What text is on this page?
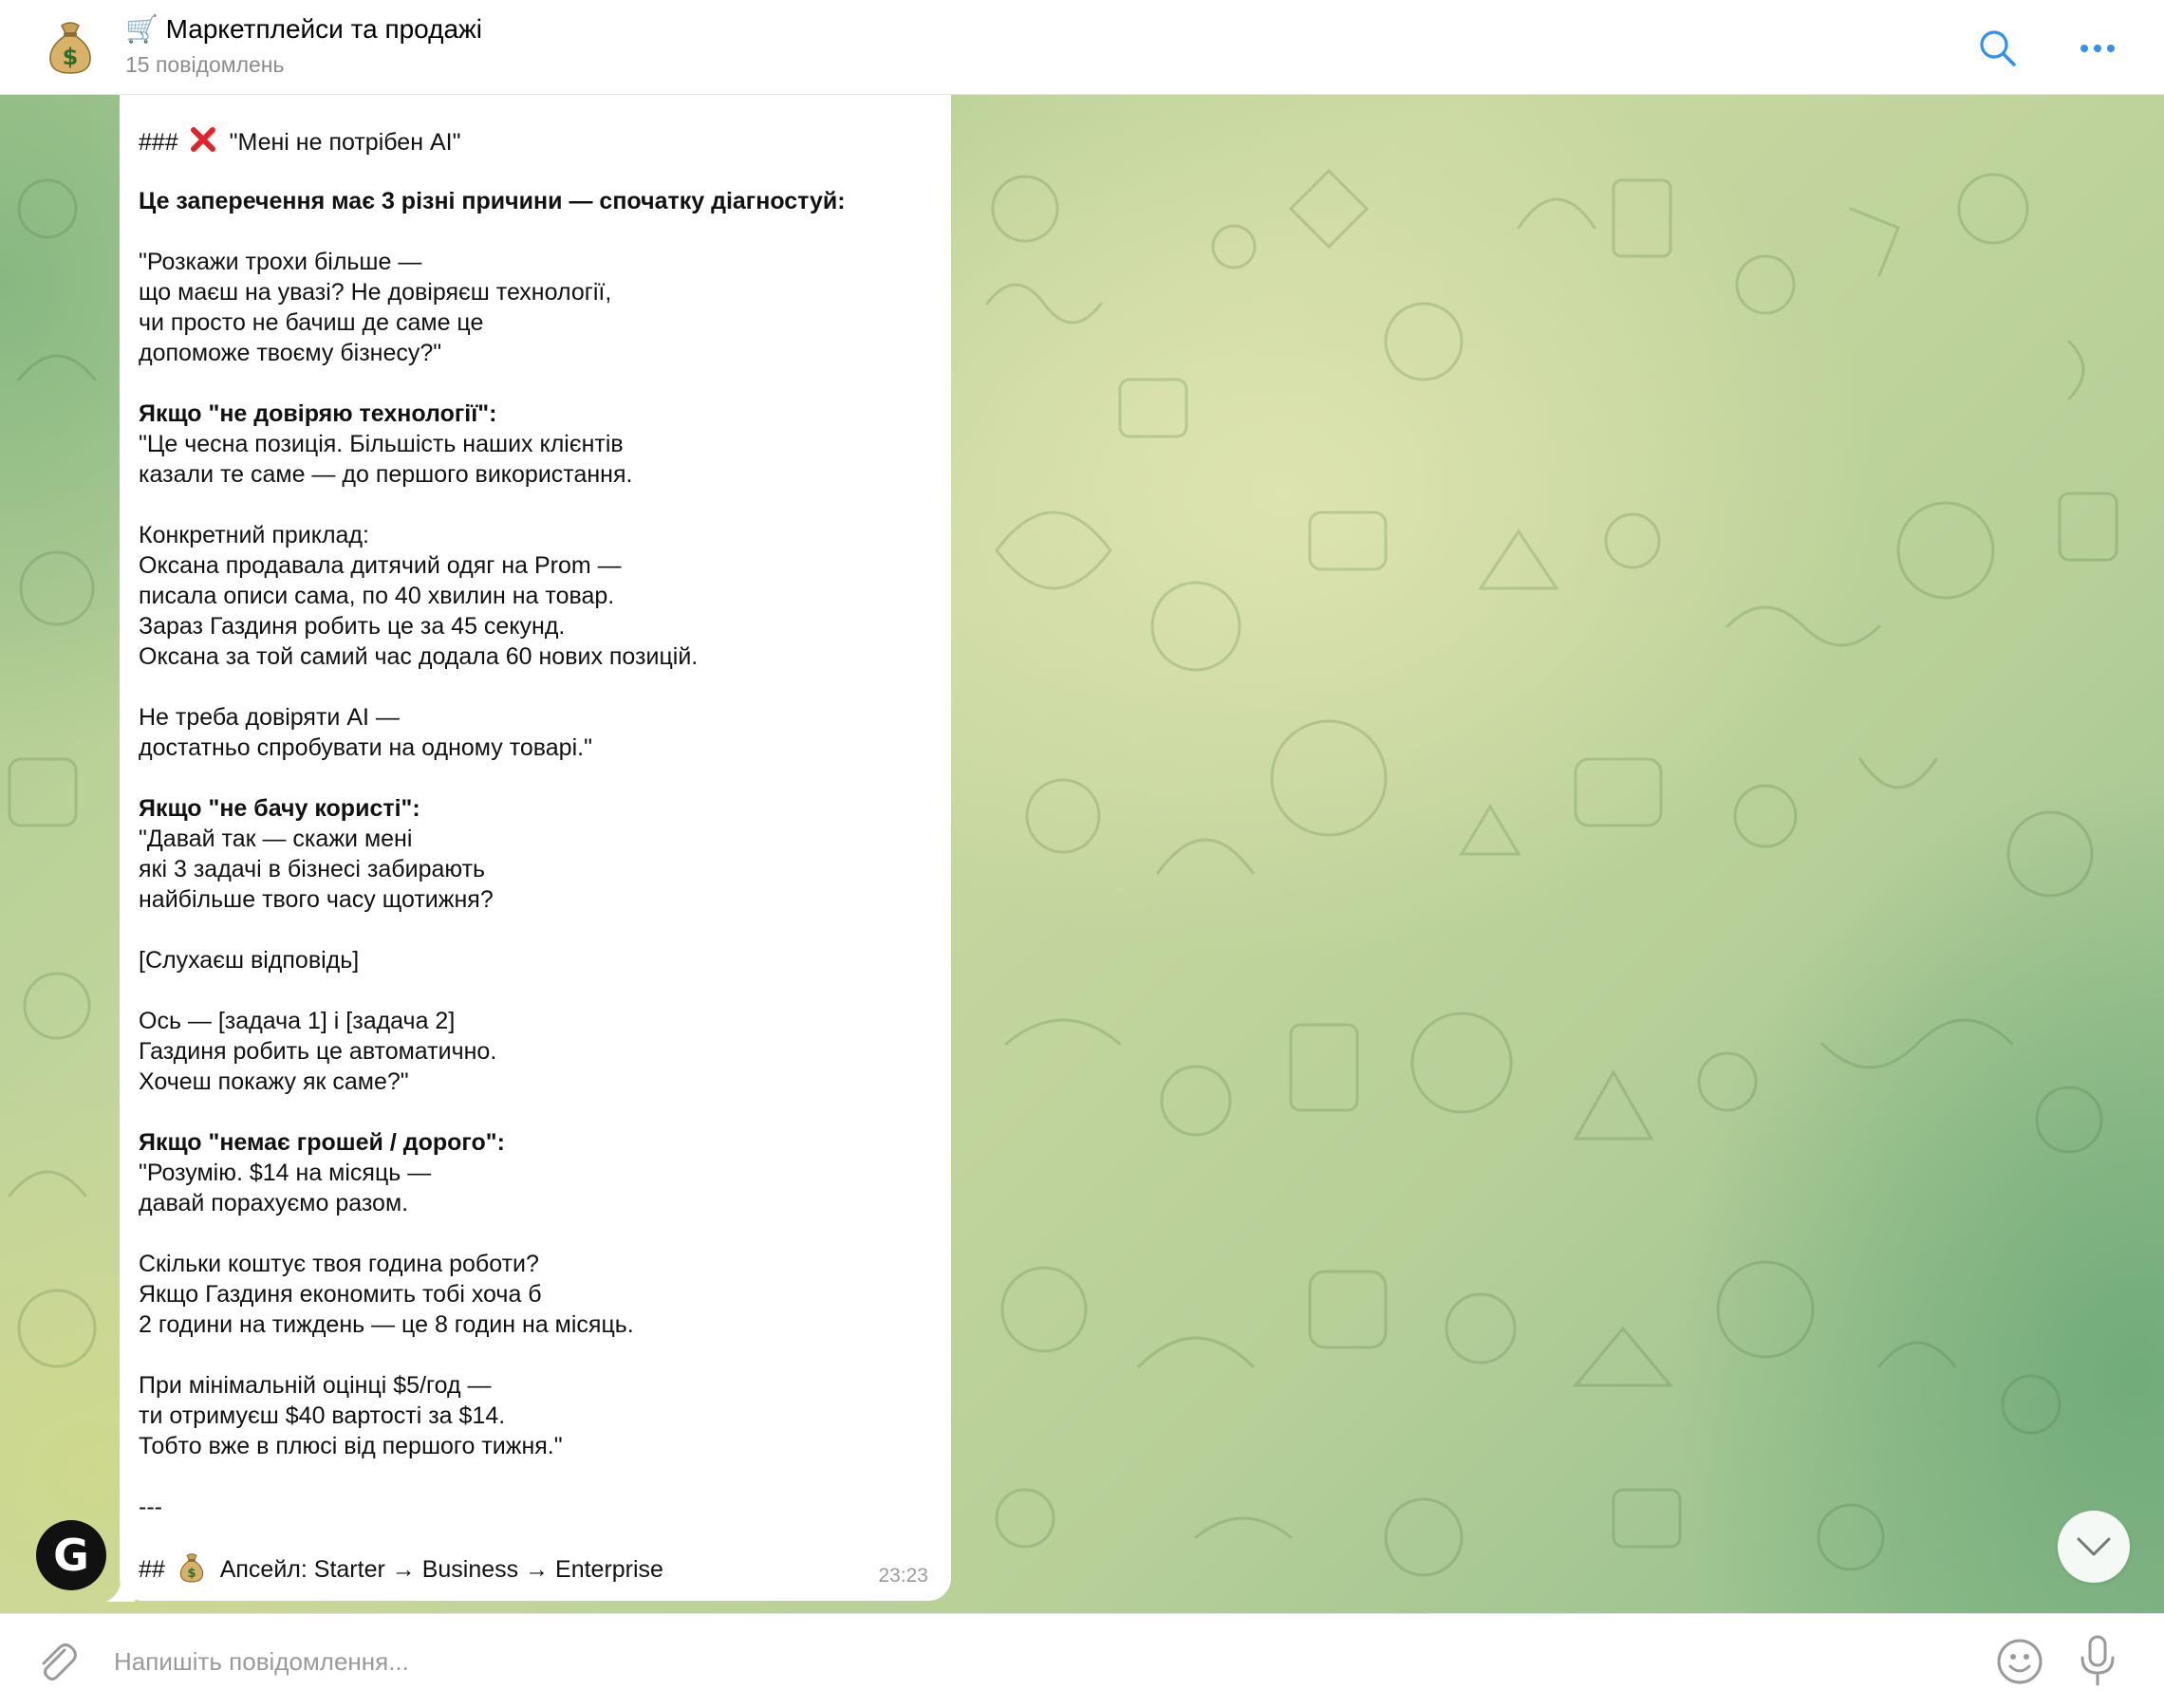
$
🛒 Маркетплейси та продажі
15 повідомлень
###  "Мені не потрібен AI"
Це заперечення має 3 різні причини — спочатку діагностуй:
"Розкажи трохи більше —
що маєш на увазі? Не довіряєш технології,
чи просто не бачиш де саме це
допоможе твоєму бізнесу?"
Якщо "не довіряю технології":
"Це чесна позиція. Більшість наших клієнтів
казали те саме — до першого використання.
Конкретний приклад:
Оксана продавала дитячий одяг на Prom —
писала описи сама, по 40 хвилин на товар.
Зараз Газдиня робить це за 45 секунд.
Оксана за той самий час додала 60 нових позицій.
Не треба довіряти AI —
достатньо спробувати на одному товарі."
Якщо "не бачу користі":
"Давай так — скажи мені
які 3 задачі в бізнесі забирають
найбільше твого часу щотижня?
[Слухаєш відповідь]
Ось — [задача 1] і [задача 2]
Газдиня робить це автоматично.
Хочеш покажу як саме?"
Якщо "немає грошей / дорого":
"Розумію. $14 на місяць —
давай порахуємо разом.
Скільки коштує твоя година роботи?
Якщо Газдиня економить тобі хоча б
2 години на тиждень — це 8 годин на місяць.
При мінімальній оцінці $5/год —
ти отримуєш $40 вартості за $14.
Тобто вже в плюсі від першого тижня."
---
## $ Апсейл: Starter → Business → Enterprise	23:23
G
Напишіть повідомлення...
